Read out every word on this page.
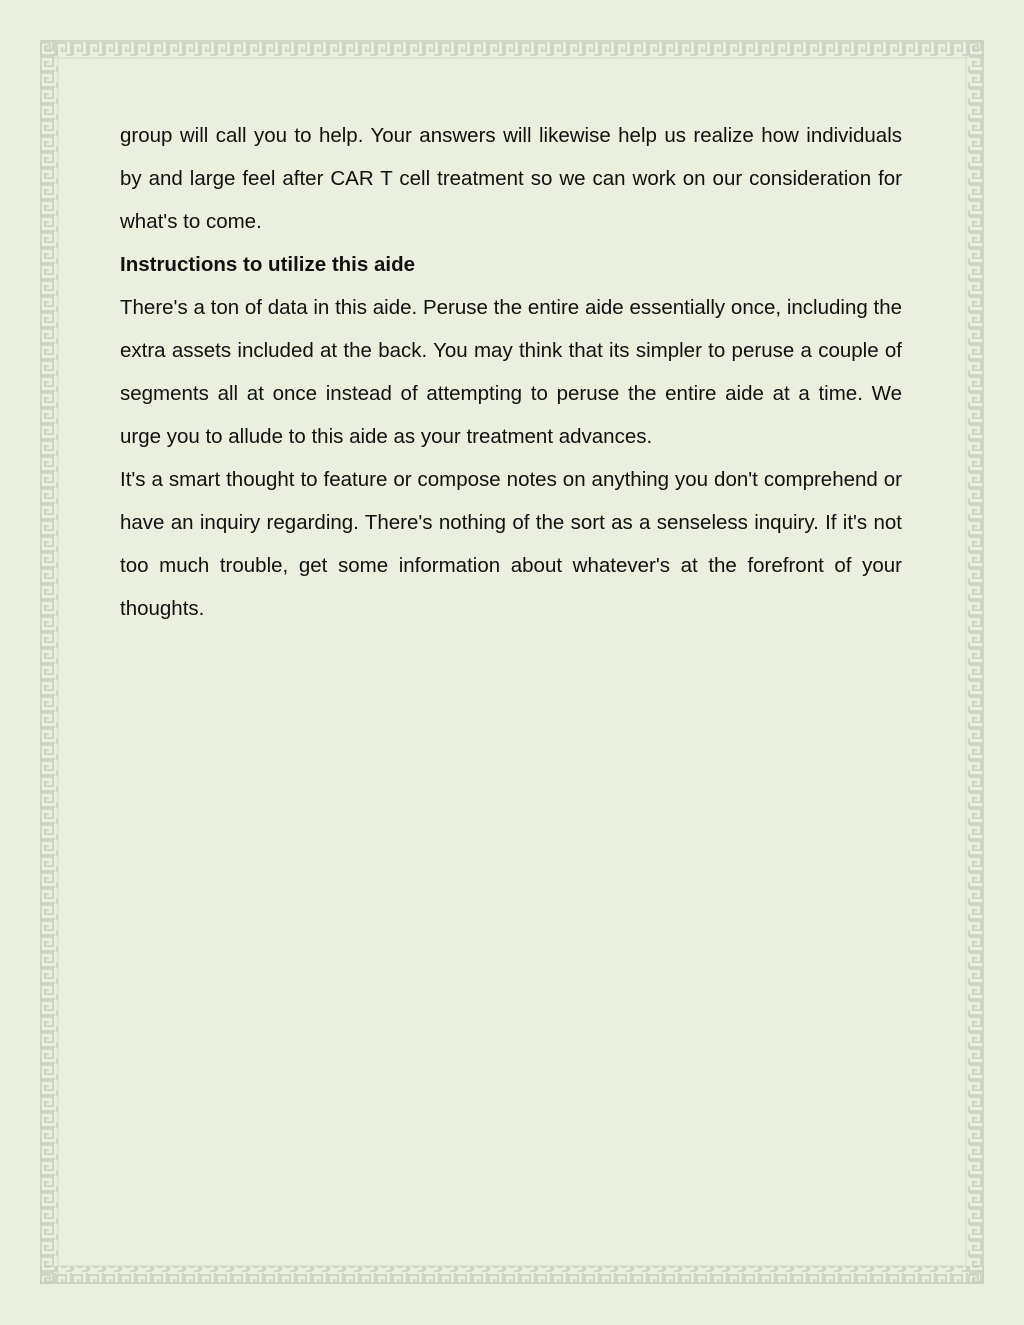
group will call you to help. Your answers will likewise help us realize how individuals by and large feel after CAR T cell treatment so we can work on our consideration for what's to come.

Instructions to utilize this aide

There's a ton of data in this aide. Peruse the entire aide essentially once, including the extra assets included at the back. You may think that its simpler to peruse a couple of segments all at once instead of attempting to peruse the entire aide at a time. We urge you to allude to this aide as your treatment advances.

It's a smart thought to feature or compose notes on anything you don't comprehend or have an inquiry regarding. There's nothing of the sort as a senseless inquiry. If it's not too much trouble, get some information about whatever's at the forefront of your thoughts.
